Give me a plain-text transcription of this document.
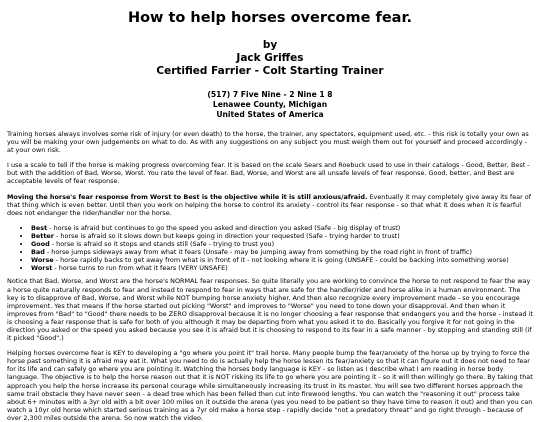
How to help horses overcome fear.
by
Jack Griffes
Certified Farrier - Colt Starting Trainer
(517) 7 Five Nine - 2 Nine 1 8
Lenawee County, Michigan
United States of America

Training horses always involves some risk of injury (or even death) to the horse, the trainer, any spectators, equipment used, etc. - this risk is totally your own as you will be making your own judgements on what to do. As with any suggestions on any subject you must weigh them out for yourself and proceed accordingly - at your own risk.

I use a scale to tell if the horse is making progress overcoming fear. It is based on the scale Sears and Roebuck used to use in their catalogs - Good, Better, Best - but with the addition of Bad, Worse, Worst. You rate the level of fear. Bad, Worse, and Worst are all unsafe levels of fear response. Good, better, and Best are acceptable levels of fear response.

Moving the horse's fear response from Worst to Best is the objective while it is still anxious/afraid. Eventually it may completely give away its fear of that thing which is even better. Until then you work on helping the horse to control its anxiety - control its fear response - so that what it does when it is fearful does not endanger the rider/handler nor the horse.

• Best - horse is afraid but continues to go the speed you asked and direction you asked (Safe - big display of trust)
• Better - horse is afraid so it slows down but keeps going in direction your requested (Safe - trying harder to trust)
• Good - horse is afraid so it stops and stands still (Safe - trying to trust you)
• Bad - horse jumps sideways away from what it fears (Unsafe - may be jumping away from something by the road right in front of traffic)
• Worse - horse rapidly backs to get away from what is in front of it - not looking where it is going (UNSAFE - could be backing into something worse)
• Worst - horse turns to run from what it fears (VERY UNSAFE)

Notice that Bad, Worse, and Worst are the horse's NORMAL fear responses. So quite literally you are working to convince the horse to not respond to fear the way a horse quite naturally responds to fear and instead to respond to fear in ways that are safe for the handler/rider and horse alike in a human environment. The key is to disapprove of Bad, Worse, and Worst while NOT bumping horse anxiety higher. And then also recognize every improvement made - so you encourage improvement. Yes that means if the horse started out picking "Worst" and improves to "Worse" you need to tone down your disapproval. And then when it improves from "Bad" to "Good" there needs to be ZERO disapproval because it is no longer choosing a fear response that endangers you and the horse - instead it is choosing a fear response that is safe for both of you although it may be departing from what you asked it to do. Basically you forgive it for not going in the direction you asked or the speed you asked because you see it is afraid but it is choosing to respond to its fear in a safe manner - by stopping and standing still (if it picked "Good".)

Helping horses overcome fear is KEY to developing a "go where you point it" trail horse. Many people bump the fear/anxiety of the horse up by trying to force the horse past something it is afraid may eat it. What you need to do is actually help the horse lessen its fear/anxiety so that it can figure out it does not need to fear for its life and can safely go where you are pointing it. Watching the horses body language is KEY - so listen as I describe what I am reading in horse body language. The objective is to help the horse reason out that it is NOT risking its life to go where you are pointing it - so it will then willingly go there. By taking that approach you help the horse increase its personal courage while simultaneously increasing its trust in its master. You will see two different horses approach the same trail obstacle they have never seen - a dead tree which has been felled then cut into firewood lengths. You can watch the "reasoning it out" process take about 6+ minutes with a 3yr old with a bit over 100 miles on it outside the arena (yes you need to be patient so they have time to reason it out) and then you can watch a 10yr old horse which started serious training as a 7yr old make a horse step - rapidly decide "not a predatory threat" and go right through - because of over 2,300 miles outside the arena. So now watch the video.
